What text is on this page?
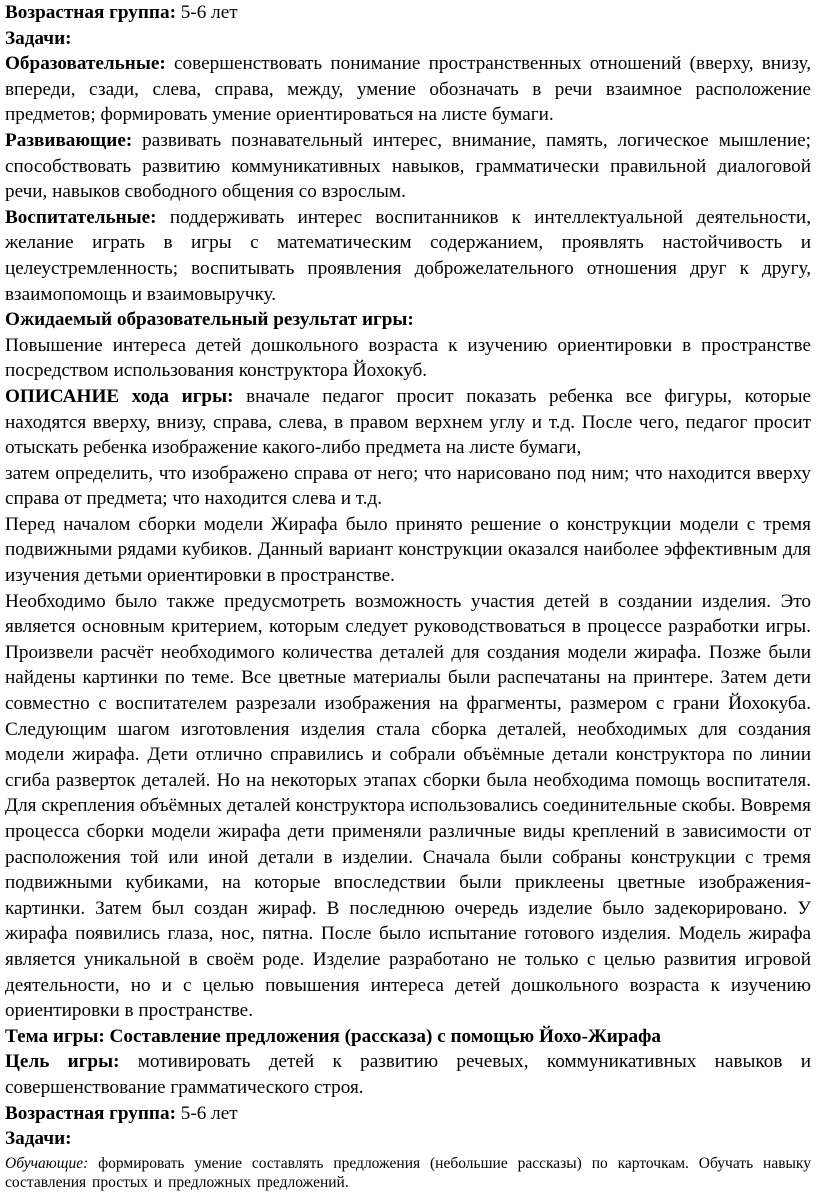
Возрастная группа: 5-6 лет

Задачи:

Образовательные: совершенствовать понимание пространственных отношений (вверху, внизу, впереди, сзади, слева, справа, между, умение обозначать в речи взаимное расположение предметов; формировать умение ориентироваться на листе бумаги.

Развивающие: развивать познавательный интерес, внимание, память, логическое мышление; способствовать развитию коммуникативных навыков, грамматически правильной диалоговой речи, навыков свободного общения со взрослым.

Воспитательные: поддерживать интерес воспитанников к интеллектуальной деятельности, желание играть в игры с математическим содержанием, проявлять настойчивость и целеустремленность; воспитывать проявления доброжелательного отношения друг к другу, взаимопомощь и взаимовыручку.

Ожидаемый образовательный результат игры:

Повышение интереса детей дошкольного возраста к изучению ориентировки в пространстве посредством использования конструктора Йохокуб.

ОПИСАНИЕ хода игры: вначале педагог просит показать ребенка все фигуры, которые находятся вверху, внизу, справа, слева, в правом верхнем углу и т.д. После чего, педагог просит отыскать ребенка изображение какого-либо предмета на листе бумаги,

затем определить, что изображено справа от него; что нарисовано под ним; что находится вверху справа от предмета; что находится слева и т.д.

Перед началом сборки модели Жирафа было принято решение о конструкции модели с тремя подвижными рядами кубиков. Данный вариант конструкции оказался наиболее эффективным для изучения детьми ориентировки в пространстве.

Необходимо было также предусмотреть возможность участия детей в создании изделия. Это является основным критерием, которым следует руководствоваться в процессе разработки игры. Произвели расчёт необходимого количества деталей для создания модели жирафа. Позже были найдены картинки по теме. Все цветные материалы были распечатаны на принтере. Затем дети совместно с воспитателем разрезали изображения на фрагменты, размером с грани Йохокуба. Следующим шагом изготовления изделия стала сборка деталей, необходимых для создания модели жирафа. Дети отлично справились и собрали объёмные детали конструктора по линии сгиба разверток деталей. Но на некоторых этапах сборки была необходима помощь воспитателя. Для скрепления объёмных деталей конструктора использовались соединительные скобы. Вовремя процесса сборки модели жирафа дети применяли различные виды креплений в зависимости от расположения той или иной детали в изделии. Сначала были собраны конструкции с тремя подвижными кубиками, на которые впоследствии были приклеены цветные изображения- картинки. Затем был создан жираф. В последнюю очередь изделие было задекорировано. У жирафа появились глаза, нос, пятна. После было испытание готового изделия. Модель жирафа является уникальной в своём роде. Изделие разработано не только с целью развития игровой деятельности, но и с целью повышения интереса детей дошкольного возраста к изучению ориентировки в пространстве.

Тема игры: Составление предложения (рассказа) с помощью Йохо-Жирафа

Цель игры: мотивировать детей к развитию речевых, коммуникативных навыков и совершенствование грамматического строя.

Возрастная группа: 5-6 лет

Задачи:

Обучающие: формировать умение составлять предложения (небольшие рассказы) по карточкам. Обучать навыку составления простых и предложных предложений.
